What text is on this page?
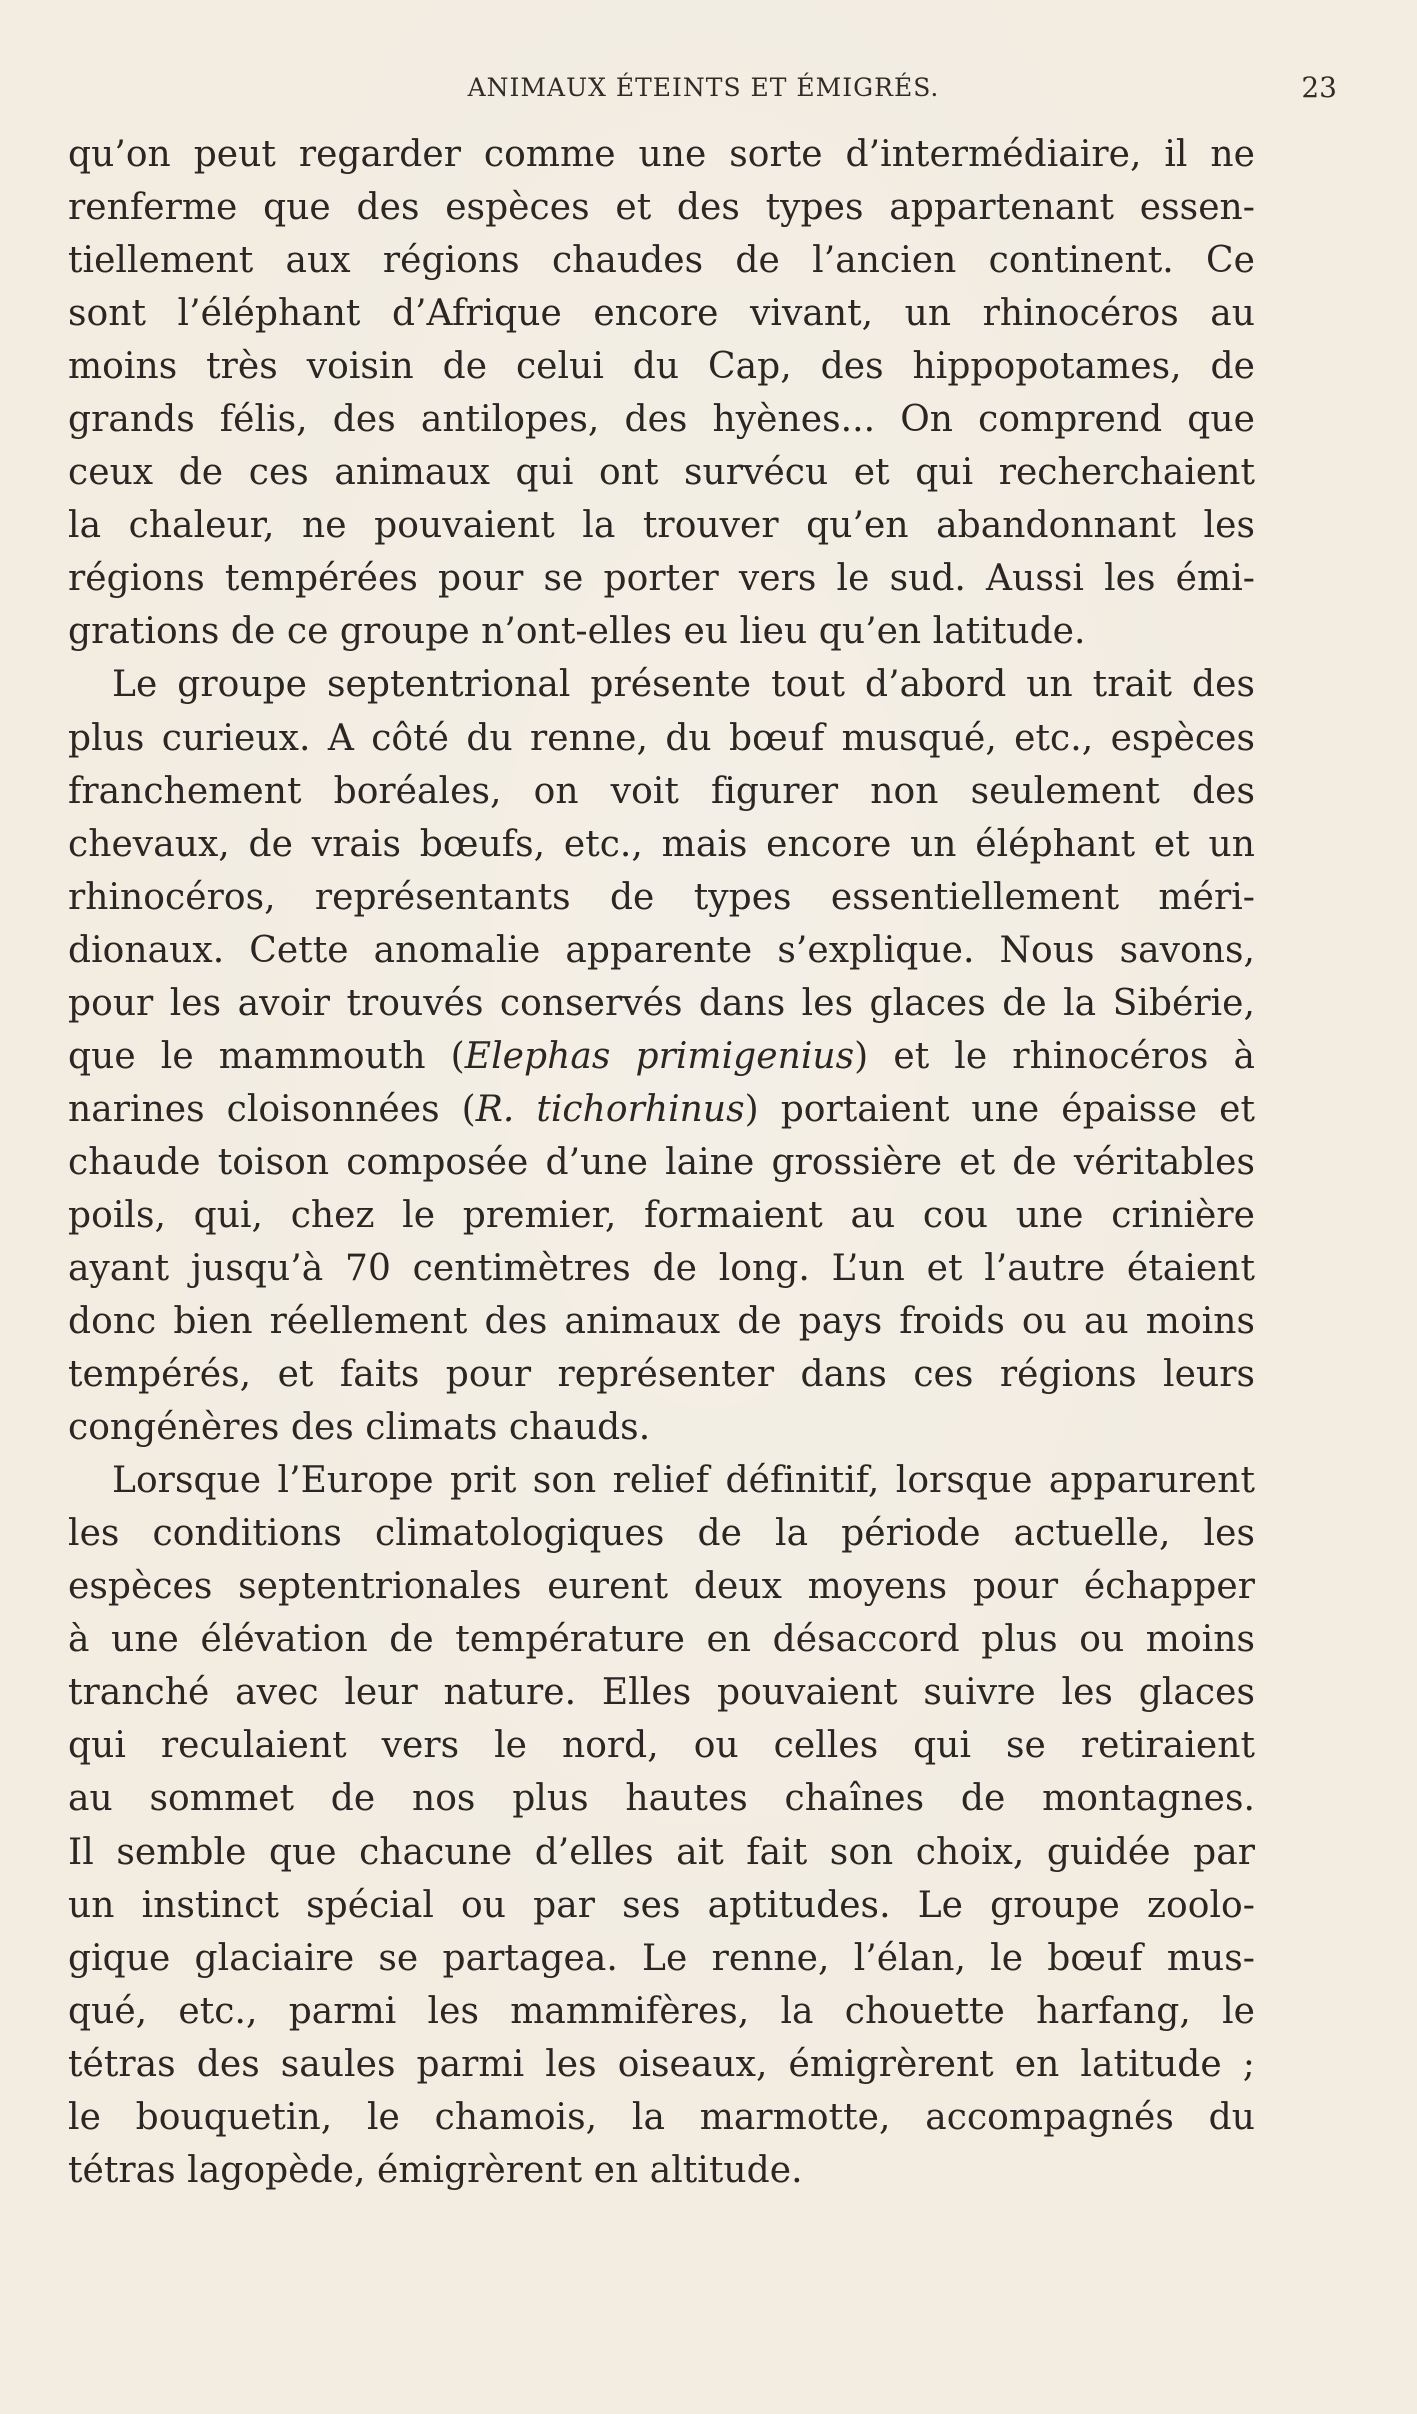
ANIMAUX ÉTEINTS ET ÉMIGRÉS.	23
qu’on peut regarder comme une sorte d’intermédiaire, il ne
renferme que des espèces et des types appartenant essen-
tiellement aux régions chaudes de l’ancien continent. Ce
sont l’éléphant d’Afrique encore vivant, un rhinocéros au
moins très voisin de celui du Cap, des hippopotames, de
grands félis, des antilopes, des hyènes... On comprend que
ceux de ces animaux qui ont survécu et qui recherchaient
la chaleur, ne pouvaient la trouver qu’en abandonnant les
régions tempérées pour se porter vers le sud. Aussi les émi-
grations de ce groupe n’ont-elles eu lieu qu’en latitude.
Le groupe septentrional présente tout d’abord un trait des
plus curieux. A côté du renne, du bœuf musqué, etc., espèces
franchement boréales, on voit figurer non seulement des
chevaux, de vrais bœufs, etc., mais encore un éléphant et un
rhinocéros, représentants de types essentiellement méri-
dionaux. Cette anomalie apparente s’explique. Nous savons,
pour les avoir trouvés conservés dans les glaces de la Sibérie,
que le mammouth (Elephas primigenius) et le rhinocéros à
narines cloisonnées (R. tichorhinus) portaient une épaisse et
chaude toison composée d’une laine grossière et de véritables
poils, qui, chez le premier, formaient au cou une crinière
ayant jusqu’à 70 centimètres de long. L’un et l’autre étaient
donc bien réellement des animaux de pays froids ou au moins
tempérés, et faits pour représenter dans ces régions leurs
congénères des climats chauds.
Lorsque l’Europe prit son relief définitif, lorsque apparurent
les conditions climatologiques de la période actuelle, les
espèces septentrionales eurent deux moyens pour échapper
à une élévation de température en désaccord plus ou moins
tranché avec leur nature. Elles pouvaient suivre les glaces
qui reculaient vers le nord, ou celles qui se retiraient
au sommet de nos plus hautes chaînes de montagnes.
Il semble que chacune d’elles ait fait son choix, guidée par
un instinct spécial ou par ses aptitudes. Le groupe zoolo-
gique glaciaire se partagea. Le renne, l’élan, le bœuf mus-
qué, etc., parmi les mammifères, la chouette harfang, le
tétras des saules parmi les oiseaux, émigrèrent en latitude ;
le bouquetin, le chamois, la marmotte, accompagnés du
tétras lagopède, émigrèrent en altitude.
